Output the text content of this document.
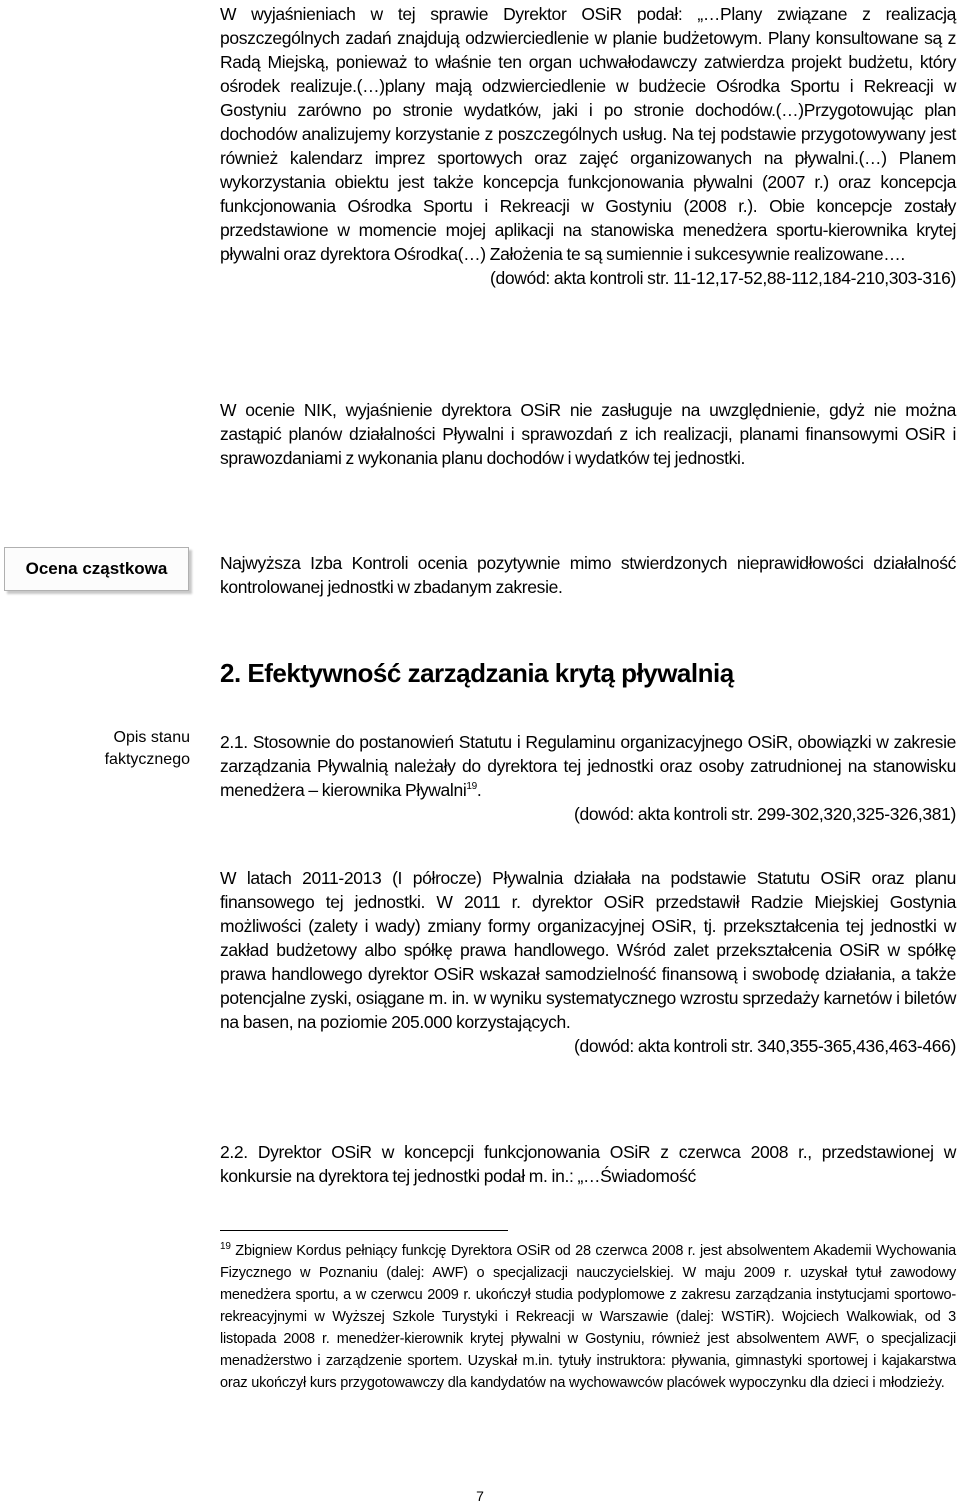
W wyjaśnieniach w tej sprawie Dyrektor OSiR podał: „…Plany związane z realizacją poszczególnych zadań znajdują odzwierciedlenie w planie budżetowym. Plany konsultowane są z Radą Miejską, ponieważ to właśnie ten organ uchwałodawczy zatwierdza projekt budżetu, który ośrodek realizuje.(…)plany mają odzwierciedlenie w budżecie Ośrodka Sportu i Rekreacji w Gostyniu zarówno po stronie wydatków, jaki i po stronie dochodów.(…)Przygotowując plan dochodów analizujemy korzystanie z poszczególnych usług. Na tej podstawie przygotowywany jest również kalendarz imprez sportowych oraz zajęć organizowanych na pływalni.(…) Planem wykorzystania obiektu jest także koncepcja funkcjonowania pływalni (2007 r.) oraz koncepcja funkcjonowania Ośrodka Sportu i Rekreacji w Gostyniu (2008 r.). Obie koncepcje zostały przedstawione w momencie mojej aplikacji na stanowiska menedżera sportu-kierownika krytej pływalni oraz dyrektora Ośrodka(…) Założenia te są sumiennie i sukcesywnie realizowane….

(dowód: akta kontroli str. 11-12,17-52,88-112,184-210,303-316)

W ocenie NIK, wyjaśnienie dyrektora OSiR nie zasługuje na uwzględnienie, gdyż nie można zastąpić planów działalności Pływalni i sprawozdań z ich realizacji, planami finansowymi OSiR i sprawozdaniami z wykonania planu dochodów i wydatków tej jednostki.

Ocena cząstkowa	Najwyższa Izba Kontroli ocenia pozytywnie mimo stwierdzonych nieprawidłowości działalność kontrolowanej jednostki w zbadanym zakresie.

2. Efektywność zarządzania krytą pływalnią
Opis stanu faktycznego

2.1. Stosownie do postanowień Statutu i Regulaminu organizacyjnego OSiR, obowiązki w zakresie zarządzania Pływalnią należały do dyrektora tej jednostki oraz osoby zatrudnionej na stanowisku menedżera – kierownika Pływalni$^{19}$.

(dowód: akta kontroli str. 299-302,320,325-326,381)

W latach 2011-2013 (I półrocze) Pływalnia działała na podstawie Statutu OSiR oraz planu finansowego tej jednostki. W 2011 r. dyrektor OSiR przedstawił Radzie Miejskiej Gostynia możliwości (zalety i wady) zmiany formy organizacyjnej OSiR, tj. przekształcenia tej jednostki w zakład budżetowy albo spółkę prawa handlowego. Wśród zalet przekształcenia OSiR w spółkę prawa handlowego dyrektor OSiR wskazał samodzielność finansową i swobodę działania, a także potencjalne zyski, osiągane m. in. w wyniku systematycznego wzrostu sprzedaży karnetów i biletów na basen, na poziomie 205.000 korzystających.

(dowód: akta kontroli str. 340,355-365,436,463-466)

2.2. Dyrektor OSiR w koncepcji funkcjonowania OSiR z czerwca 2008 r., przedstawionej w konkursie na dyrektora tej jednostki podał m. in.: „…Świadomość

$^{19}$ Zbigniew Kordus pełniący funkcję Dyrektora OSiR od 28 czerwca 2008 r. jest absolwentem Akademii Wychowania Fizycznego w Poznaniu (dalej: AWF) o specjalizacji nauczycielskiej. W maju 2009 r. uzyskał tytuł zawodowy menedżera sportu, a w czerwcu 2009 r. ukończył studia podyplomowe z zakresu zarządzania instytucjami sportowo-rekreacyjnymi w Wyższej Szkole Turystyki i Rekreacji w Warszawie (dalej: WSTiR). Wojciech Walkowiak, od 3 listopada 2008 r. menedżer-kierownik krytej pływalni w Gostyniu, również jest absolwentem AWF, o specjalizacji menadżerstwo i zarządzenie sportem. Uzyskał m.in. tytuły instruktora: pływania, gimnastyki sportowej i kajakarstwa oraz ukończył kurs przygotowawczy dla kandydatów na wychowawców placówek wypoczynku dla dzieci i młodzieży.

7
